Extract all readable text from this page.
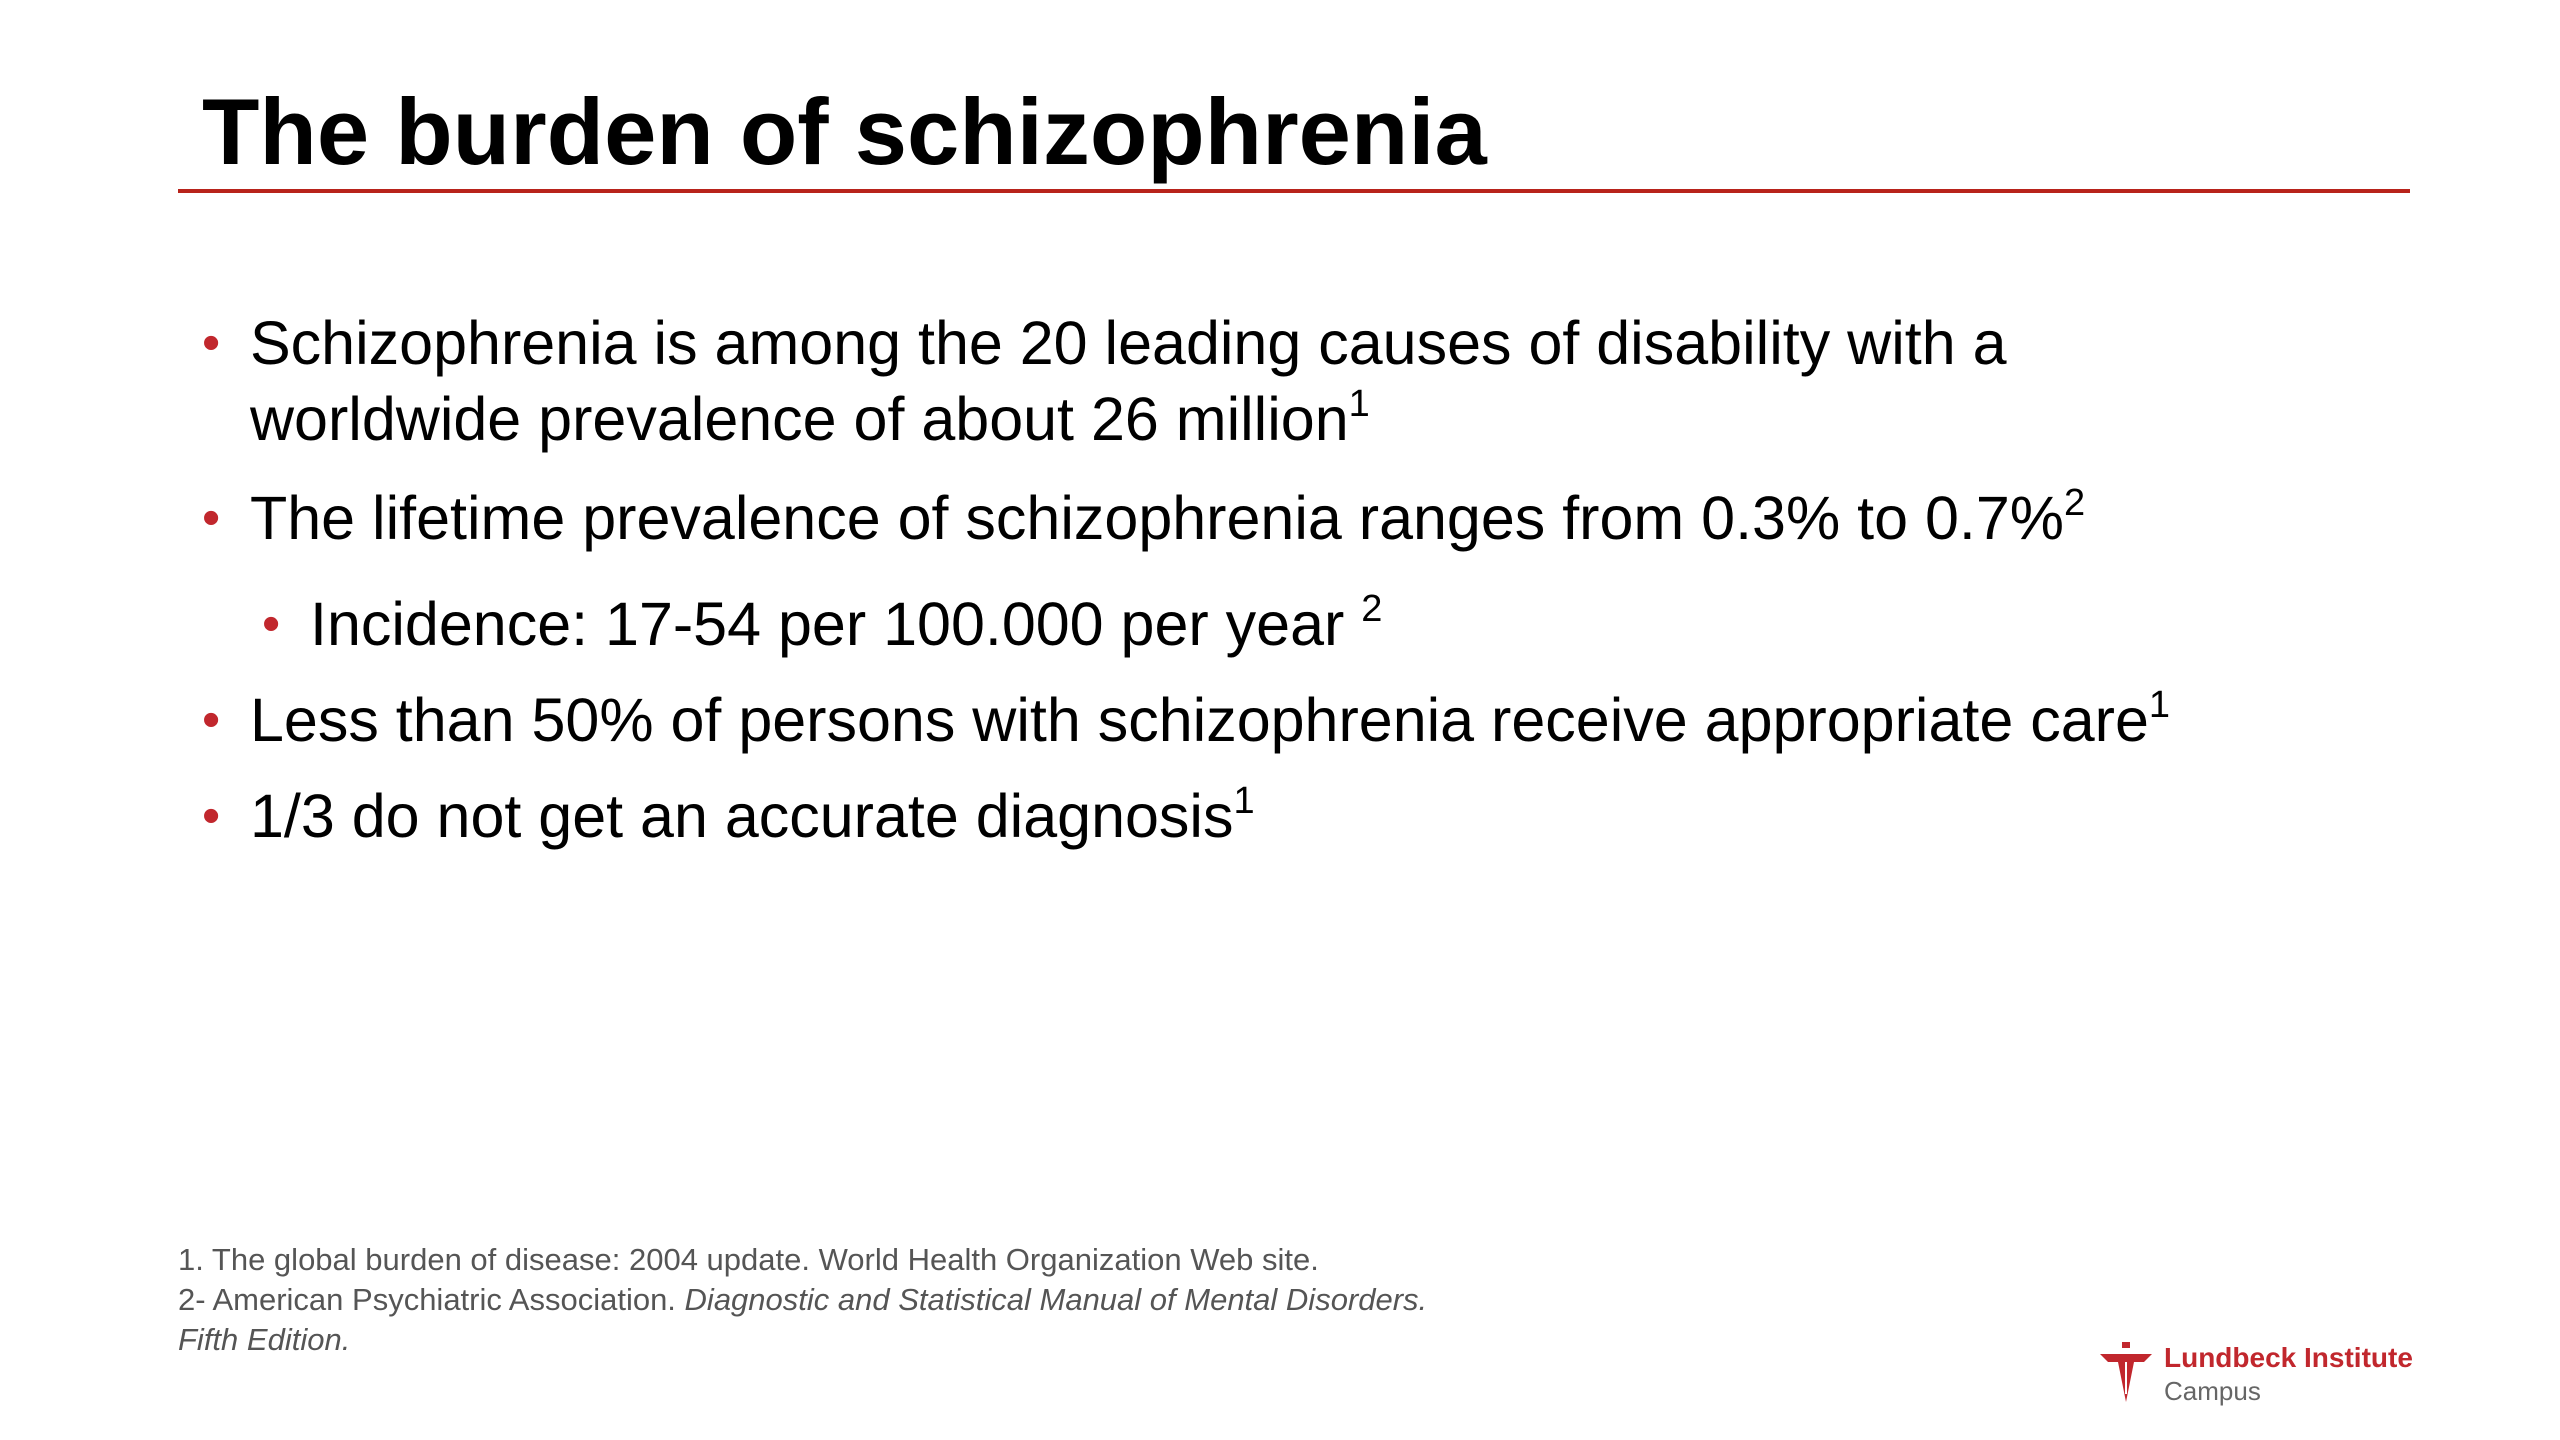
The burden of schizophrenia
• Schizophrenia is among the 20 leading causes of disability with a
worldwide prevalence of about 26 million$^1$
• The lifetime prevalence of schizophrenia ranges from 0.3% to 0.7%$^2$
• Incidence: 17-54 per 100.000 per year $^2$
• Less than 50% of persons with schizophrenia receive appropriate care$^1$
• 1/3 do not get an accurate diagnosis$^1$
1. The global burden of disease: 2004 update. World Health Organization Web site.
2- American Psychiatric Association. Diagnostic and Statistical Manual of Mental Disorders.
Fifth Edition.
Lundbeck Institute
Campus
